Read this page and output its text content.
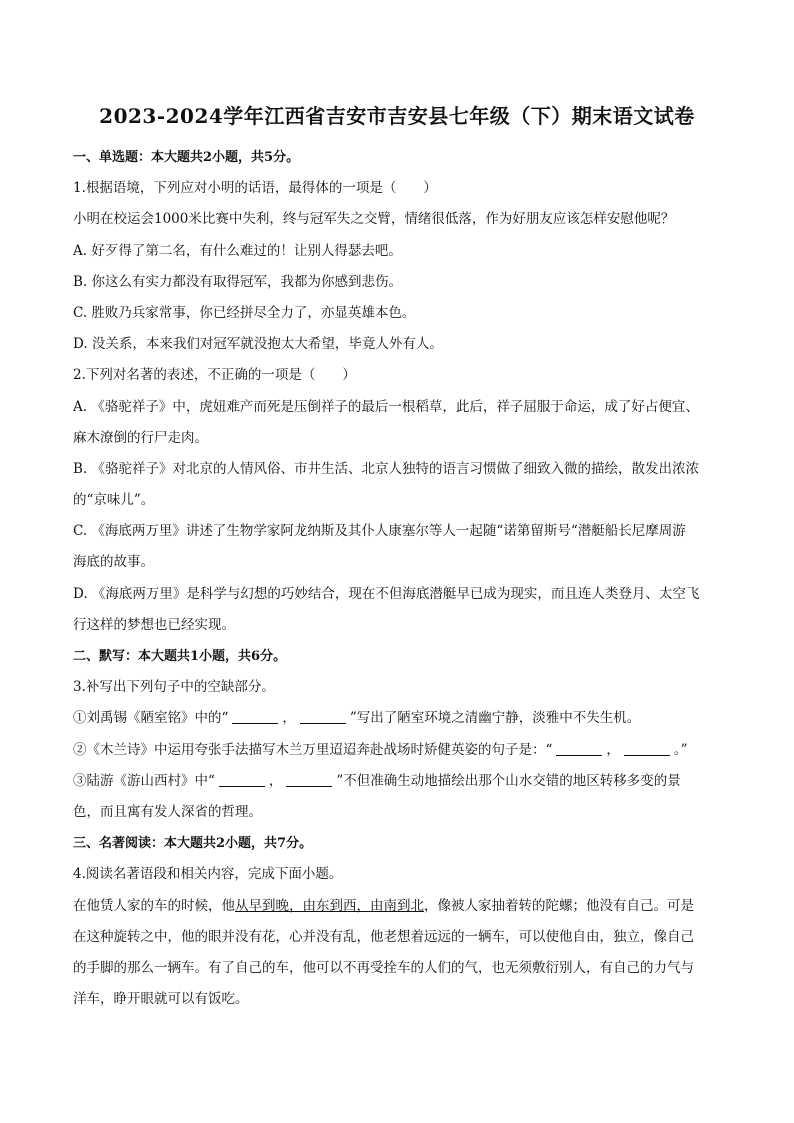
2023-2024学年江西省吉安市吉安县七年级（下）期末语文试卷
一、单选题：本大题共2小题，共5分。
1.根据语境，下列应对小明的话语，最得体的一项是（　　）
小明在校运会1000米比赛中失利，终与冠军失之交臂，情绪很低落，作为好朋友应该怎样安慰他呢？
A. 好歹得了第二名，有什么难过的！让别人得瑟去吧。
B. 你这么有实力都没有取得冠军，我都为你感到悲伤。
C. 胜败乃兵家常事，你已经拼尽全力了，亦显英雄本色。
D. 没关系，本来我们对冠军就没抱太大希望，毕竟人外有人。
2.下列对名著的表述，不正确的一项是（　　）
A. 《骆驼祥子》中，虎妞难产而死是压倒祥子的最后一根稻草，此后，祥子屈服于命运，成了好占便宜、
麻木潦倒的行尸走肉。
B. 《骆驼祥子》对北京的人情风俗、市井生活、北京人独特的语言习惯做了细致入微的描绘，散发出浓浓
的“京味儿”。
C. 《海底两万里》讲述了生物学家阿龙纳斯及其仆人康塞尔等人一起随“诺第留斯号“潜艇船长尼摩周游
海底的故事。
D. 《海底两万里》是科学与幻想的巧妙结合，现在不但海底潜艇早已成为现实，而且连人类登月、太空飞
行这样的梦想也已经实现。
二、默写：本大题共1小题，共6分。
3.补写出下列句子中的空缺部分。
①刘禹锡《陋室铭》中的“	，	”写出了陋室环境之清幽宁静，淡雅中不失生机。
②《木兰诗》中运用夸张手法描写木兰万里迢迢奔赴战场时矫健英姿的句子是：“	，	。”
③陆游《游山西村》中“	，	”不但准确生动地描绘出那个山水交错的地区转移多变的景
色，而且寓有发人深省的哲理。
三、名著阅读：本大题共2小题，共7分。
4.阅读名著语段和相关内容，完成下面小题。
在他赁人家的车的时候，他从早到晚，由东到西，由南到北，像被人家抽着转的陀螺；他没有自己。可是
在这种旋转之中，他的眼并没有花，心并没有乱，他老想着远远的一辆车，可以使他自由，独立，像自己
的手脚的那么一辆车。有了自己的车，他可以不再受拴车的人们的气，也无须敷衍别人，有自己的力气与
洋车，睁开眼就可以有饭吃。
